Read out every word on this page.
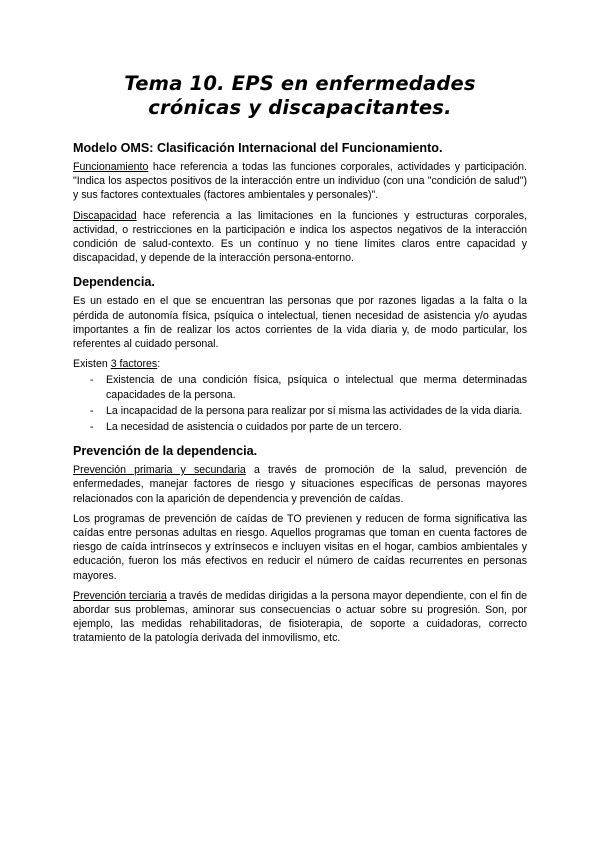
Tema 10. EPS en enfermedades
crónicas y discapacitantes.
Modelo OMS: Clasificación Internacional del Funcionamiento.

Funcionamiento hace referencia a todas las funciones corporales, actividades y participación. "Indica los aspectos positivos de la interacción entre un individuo (con una "condición de salud") y sus factores contextuales (factores ambientales y personales)".

Discapacidad hace referencia a las limitaciones en la funciones y estructuras corporales, actividad, o restricciones en la participación e indica los aspectos negativos de la interacción condición de salud-contexto. Es un contínuo y no tiene límites claros entre capacidad y discapacidad, y depende de la interacción persona-entorno.

Dependencia.

Es un estado en el que se encuentran las personas que por razones ligadas a la falta o la pérdida de autonomía física, psíquica o intelectual, tienen necesidad de asistencia y/o ayudas importantes a fin de realizar los actos corrientes de la vida diaria y, de modo particular, los referentes al cuidado personal.

Existen 3 factores:

- Existencia de una condición física, psíquica o intelectual que merma determinadas capacidades de la persona.
- La incapacidad de la persona para realizar por sí misma las actividades de la vida diaria.
- La necesidad de asistencia o cuidados por parte de un tercero.
Prevención de la dependencia.

Prevención primaria y secundaria a través de promoción de la salud, prevención de enfermedades, manejar factores de riesgo y situaciones específicas de personas mayores relacionados con la aparición de dependencia y prevención de caídas.

Los programas de prevención de caídas de TO previenen y reducen de forma significativa las caídas entre personas adultas en riesgo. Aquellos programas que toman en cuenta factores de riesgo de caída intrínsecos y extrínsecos e incluyen visitas en el hogar, cambios ambientales y educación, fueron los más efectivos en reducir el número de caídas recurrentes en personas mayores.

Prevención terciaria a través de medidas dirigidas a la persona mayor dependiente, con el fin de abordar sus problemas, aminorar sus consecuencias o actuar sobre su progresión. Son, por ejemplo, las medidas rehabilitadoras, de fisioterapia, de soporte a cuidadoras, correcto tratamiento de la patología derivada del inmovilismo, etc.
